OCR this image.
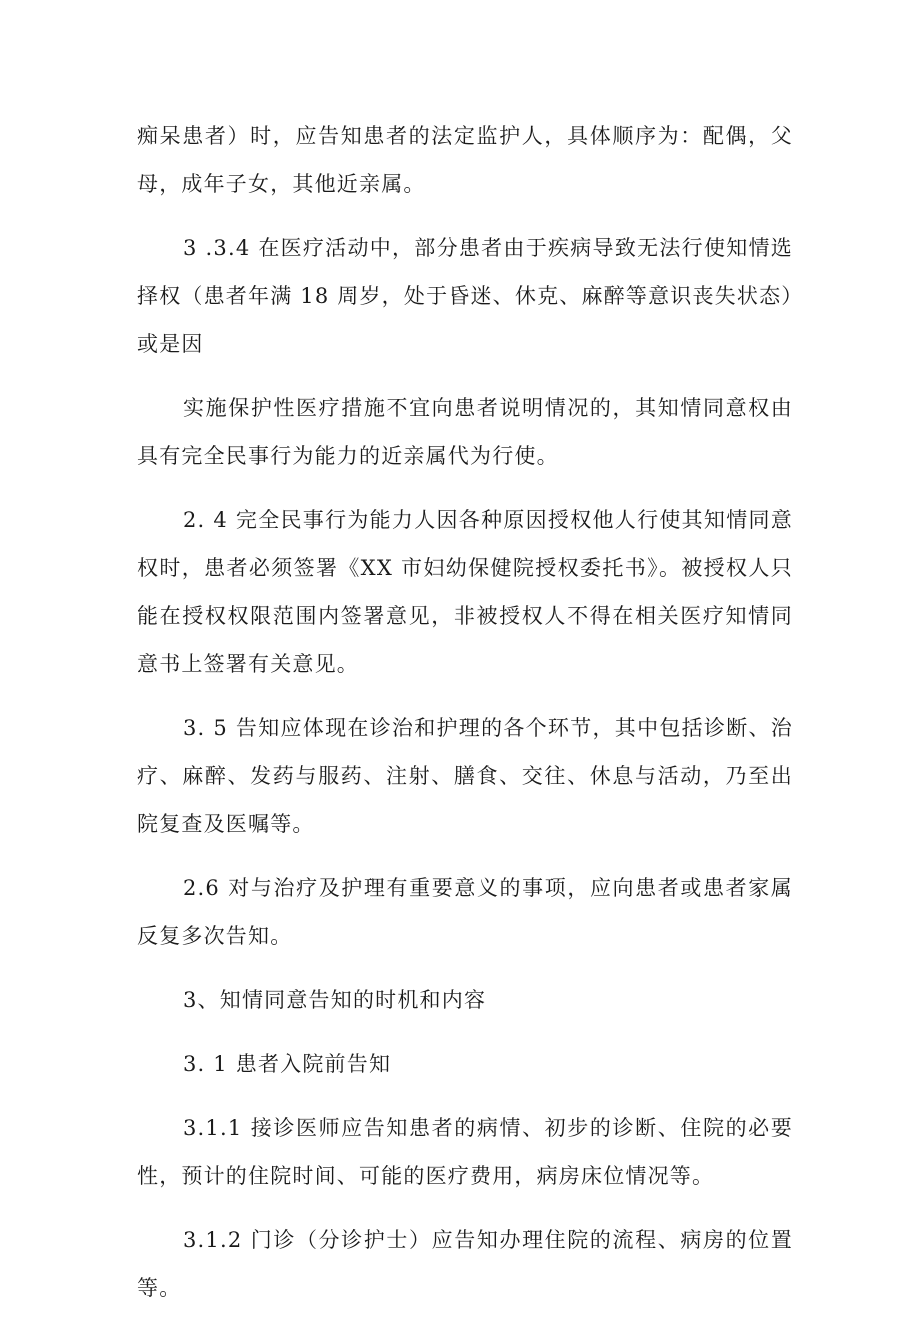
痴呆患者）时，应告知患者的法定监护人，具体顺序为：配偶，父母，成年子女，其他近亲属。

3 .3.4 在医疗活动中，部分患者由于疾病导致无法行使知情选择权（患者年满 18 周岁，处于昏迷、休克、麻醉等意识丧失状态）或是因

实施保护性医疗措施不宜向患者说明情况的，其知情同意权由具有完全民事行为能力的近亲属代为行使。

2. 4 完全民事行为能力人因各种原因授权他人行使其知情同意权时，患者必须签署《XX 市妇幼保健院授权委托书》。被授权人只能在授权权限范围内签署意见，非被授权人不得在相关医疗知情同意书上签署有关意见。

3. 5 告知应体现在诊治和护理的各个环节，其中包括诊断、治疗、麻醉、发药与服药、注射、膳食、交往、休息与活动，乃至出院复查及医嘱等。

2.6 对与治疗及护理有重要意义的事项，应向患者或患者家属反复多次告知。

3、知情同意告知的时机和内容

3. 1 患者入院前告知

3.1.1 接诊医师应告知患者的病情、初步的诊断、住院的必要性，预计的住院时间、可能的医疗费用，病房床位情况等。

3.1.2 门诊（分诊护士）应告知办理住院的流程、病房的位置等。
